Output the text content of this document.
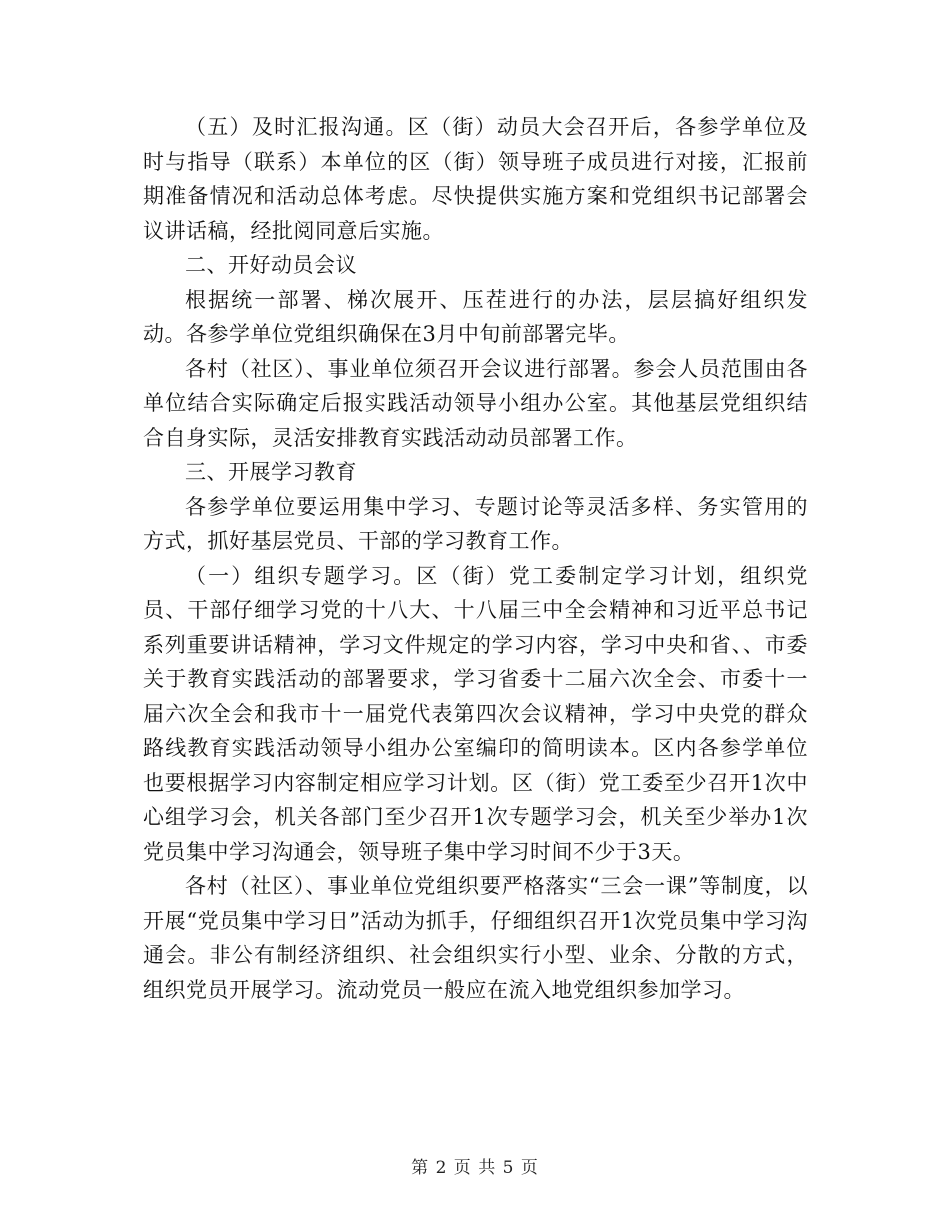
（五）及时汇报沟通。区（街）动员大会召开后，各参学单位及时与指导（联系）本单位的区（街）领导班子成员进行对接，汇报前期准备情况和活动总体考虑。尽快提供实施方案和党组织书记部署会议讲话稿，经批阅同意后实施。

二、开好动员会议

根据统一部署、梯次展开、压茬进行的办法，层层搞好组织发动。各参学单位党组织确保在3月中旬前部署完毕。

各村（社区）、事业单位须召开会议进行部署。参会人员范围由各单位结合实际确定后报实践活动领导小组办公室。其他基层党组织结合自身实际，灵活安排教育实践活动动员部署工作。

三、开展学习教育

各参学单位要运用集中学习、专题讨论等灵活多样、务实管用的方式，抓好基层党员、干部的学习教育工作。

（一）组织专题学习。区（街）党工委制定学习计划，组织党员、干部仔细学习党的十八大、十八届三中全会精神和习近平总书记系列重要讲话精神，学习文件规定的学习内容，学习中央和省、、市委关于教育实践活动的部署要求，学习省委十二届六次全会、市委十一届六次全会和我市十一届党代表第四次会议精神，学习中央党的群众路线教育实践活动领导小组办公室编印的简明读本。区内各参学单位也要根据学习内容制定相应学习计划。区（街）党工委至少召开1次中心组学习会，机关各部门至少召开1次专题学习会，机关至少举办1次党员集中学习沟通会，领导班子集中学习时间不少于3天。

各村（社区）、事业单位党组织要严格落实“三会一课”等制度，以开展“党员集中学习日”活动为抓手，仔细组织召开1次党员集中学习沟通会。非公有制经济组织、社会组织实行小型、业余、分散的方式，组织党员开展学习。流动党员一般应在流入地党组织参加学习。

第 2 页 共 5 页
